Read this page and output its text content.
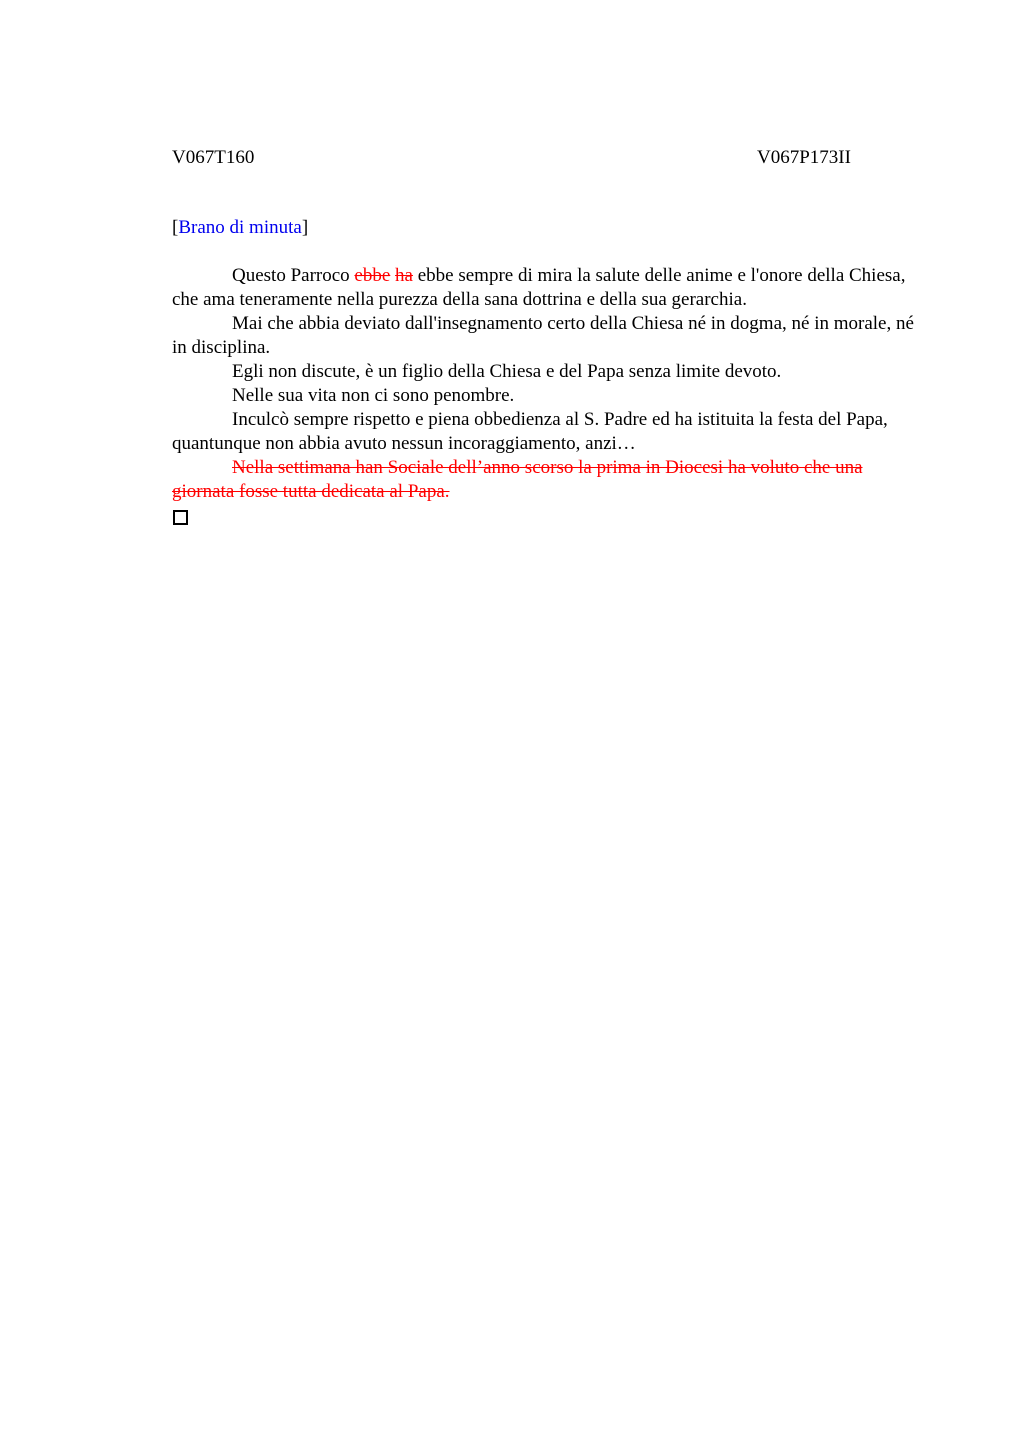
V067T160	V067P173II
[Brano di minuta]

Questo Parroco ebbe ha ebbe sempre di mira la salute delle anime e l'onore della Chiesa, che ama teneramente nella purezza della sana dottrina e della sua gerarchia.

Mai che abbia deviato dall'insegnamento certo della Chiesa né in dogma, né in morale, né in disciplina.

Egli non discute, è un figlio della Chiesa e del Papa senza limite devoto.

Nelle sua vita non ci sono penombre.

Inculcò sempre rispetto e piena obbedienza al S. Padre ed ha istituita la festa del Papa, quantunque non abbia avuto nessun incoraggiamento, anzi…

Nella settimana han Sociale dell’anno scorso la prima in Diocesi ha voluto che una giornata fosse tutta dedicata al Papa.
